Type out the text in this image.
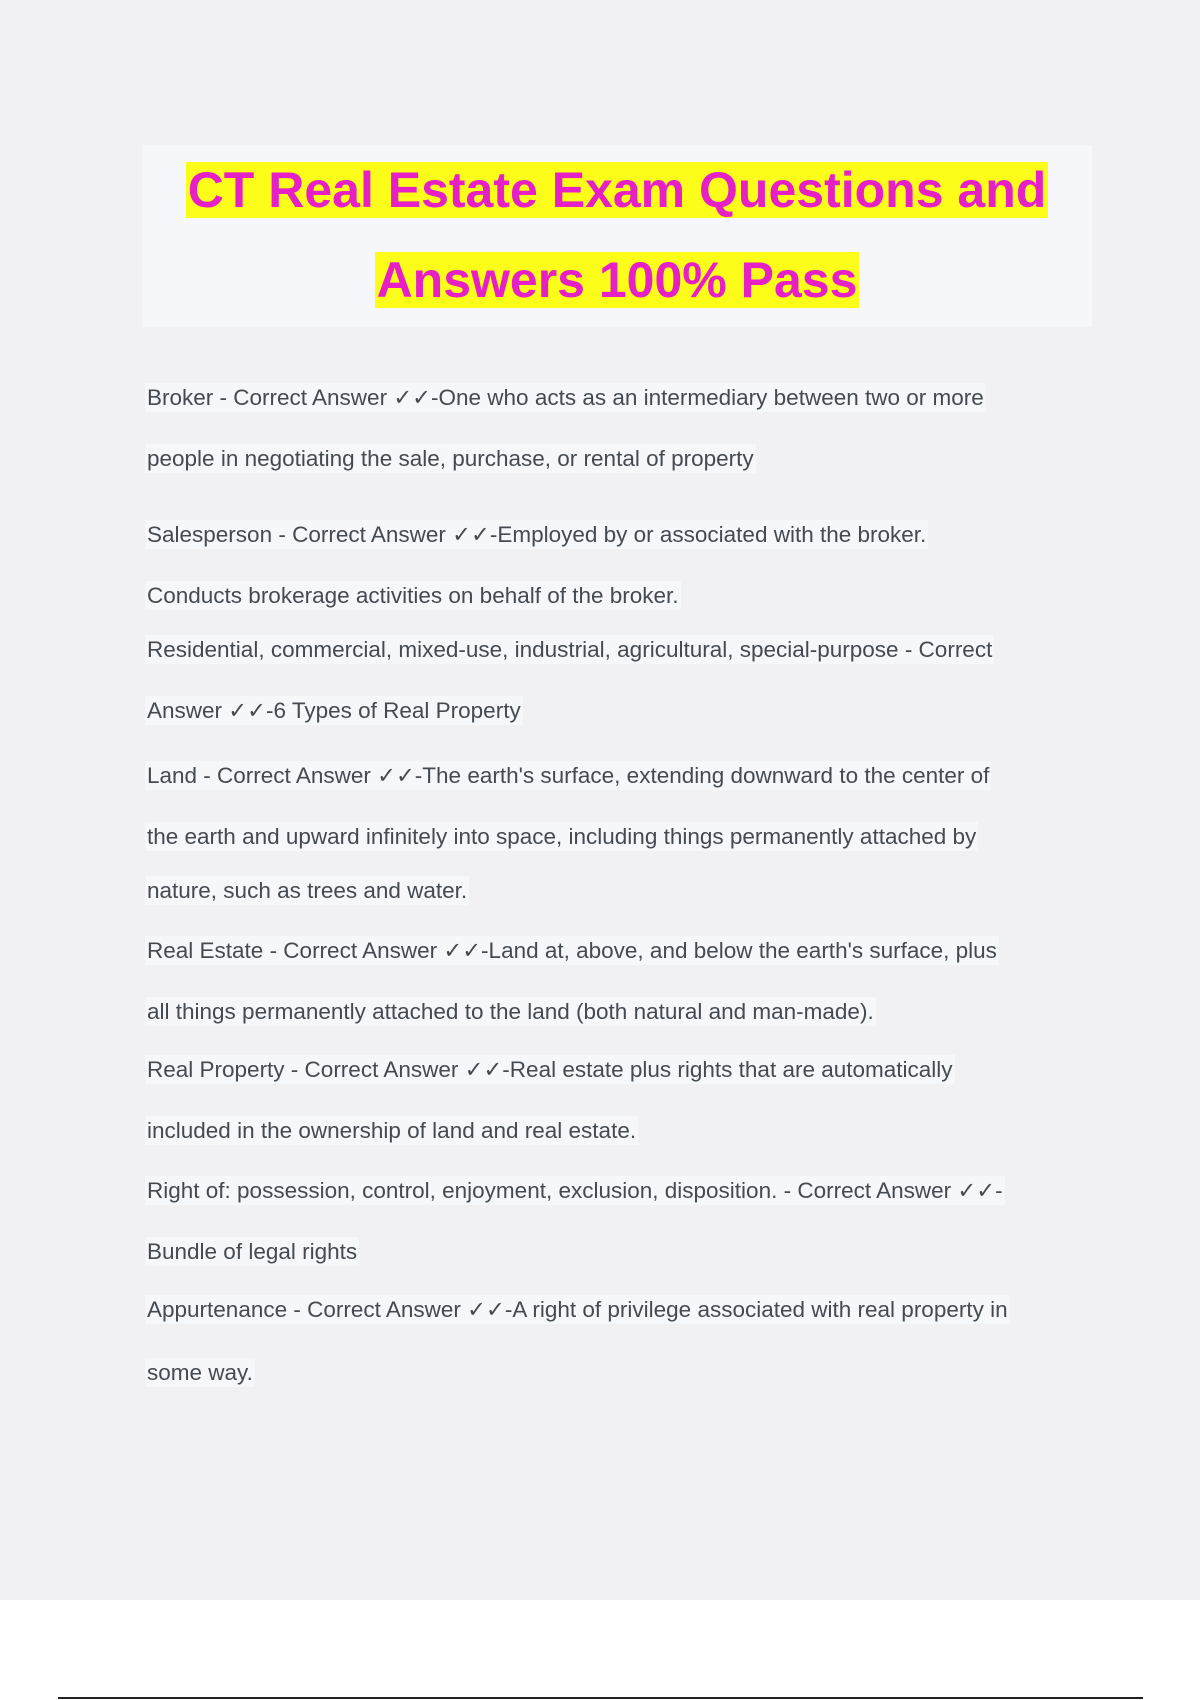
CT Real Estate Exam Questions and

Answers 100% Pass

Broker - Correct Answer ✓✓-One who acts as an intermediary between two or more
people in negotiating the sale, purchase, or rental of property
Salesperson - Correct Answer ✓✓-Employed by or associated with the broker.
Conducts brokerage activities on behalf of the broker.
Residential, commercial, mixed-use, industrial, agricultural, special-purpose - Correct
Answer ✓✓-6 Types of Real Property
Land - Correct Answer ✓✓-The earth's surface, extending downward to the center of
the earth and upward infinitely into space, including things permanently attached by
nature, such as trees and water.
Real Estate - Correct Answer ✓✓-Land at, above, and below the earth's surface, plus
all things permanently attached to the land (both natural and man-made).
Real Property - Correct Answer ✓✓-Real estate plus rights that are automatically
included in the ownership of land and real estate.
Right of: possession, control, enjoyment, exclusion, disposition. - Correct Answer ✓✓-
Bundle of legal rights
Appurtenance - Correct Answer ✓✓-A right of privilege associated with real property in
some way.
